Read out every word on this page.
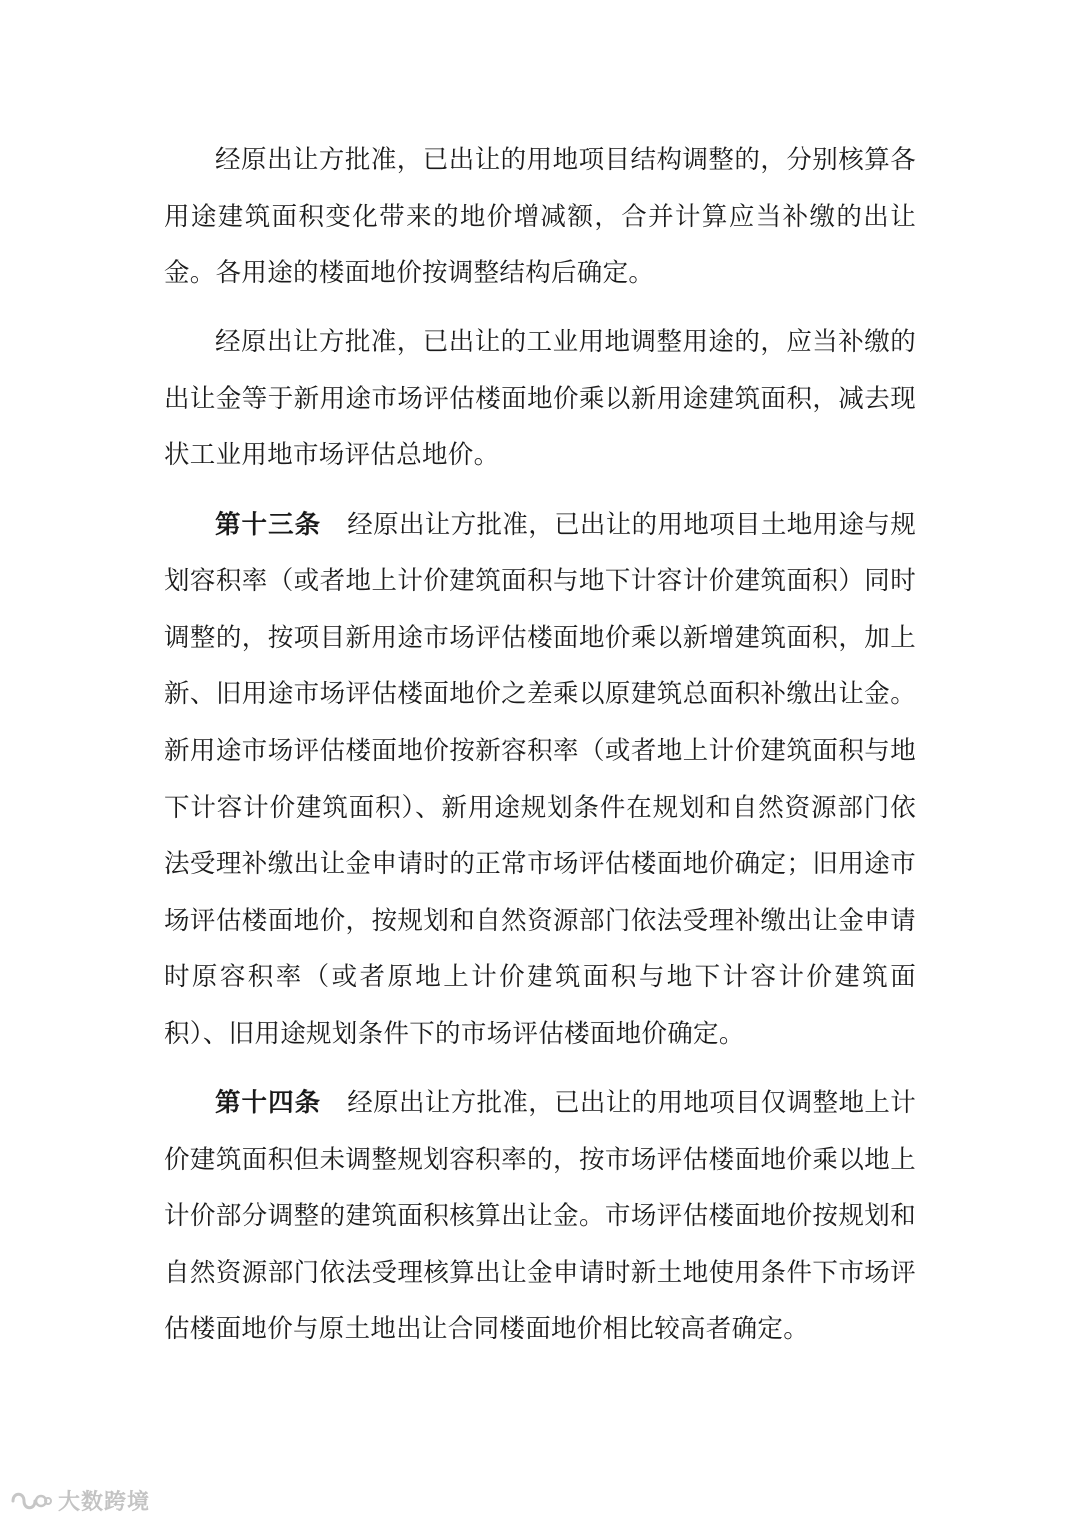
经原出让方批准，已出让的用地项目结构调整的，分别核算各用途建筑面积变化带来的地价增减额，合并计算应当补缴的出让金。各用途的楼面地价按调整结构后确定。

经原出让方批准，已出让的工业用地调整用途的，应当补缴的出让金等于新用途市场评估楼面地价乘以新用途建筑面积，减去现状工业用地市场评估总地价。

第十三条 经原出让方批准，已出让的用地项目土地用途与规划容积率（或者地上计价建筑面积与地下计容计价建筑面积）同时调整的，按项目新用途市场评估楼面地价乘以新增建筑面积，加上新、旧用途市场评估楼面地价之差乘以原建筑总面积补缴出让金。新用途市场评估楼面地价按新容积率（或者地上计价建筑面积与地下计容计价建筑面积）、新用途规划条件在规划和自然资源部门依法受理补缴出让金申请时的正常市场评估楼面地价确定；旧用途市场评估楼面地价，按规划和自然资源部门依法受理补缴出让金申请时原容积率（或者原地上计价建筑面积与地下计容计价建筑面积）、旧用途规划条件下的市场评估楼面地价确定。

第十四条 经原出让方批准，已出让的用地项目仅调整地上计价建筑面积但未调整规划容积率的，按市场评估楼面地价乘以地上计价部分调整的建筑面积核算出让金。市场评估楼面地价按规划和自然资源部门依法受理核算出让金申请时新土地使用条件下市场评估楼面地价与原土地出让合同楼面地价相比较高者确定。

大数跨境
